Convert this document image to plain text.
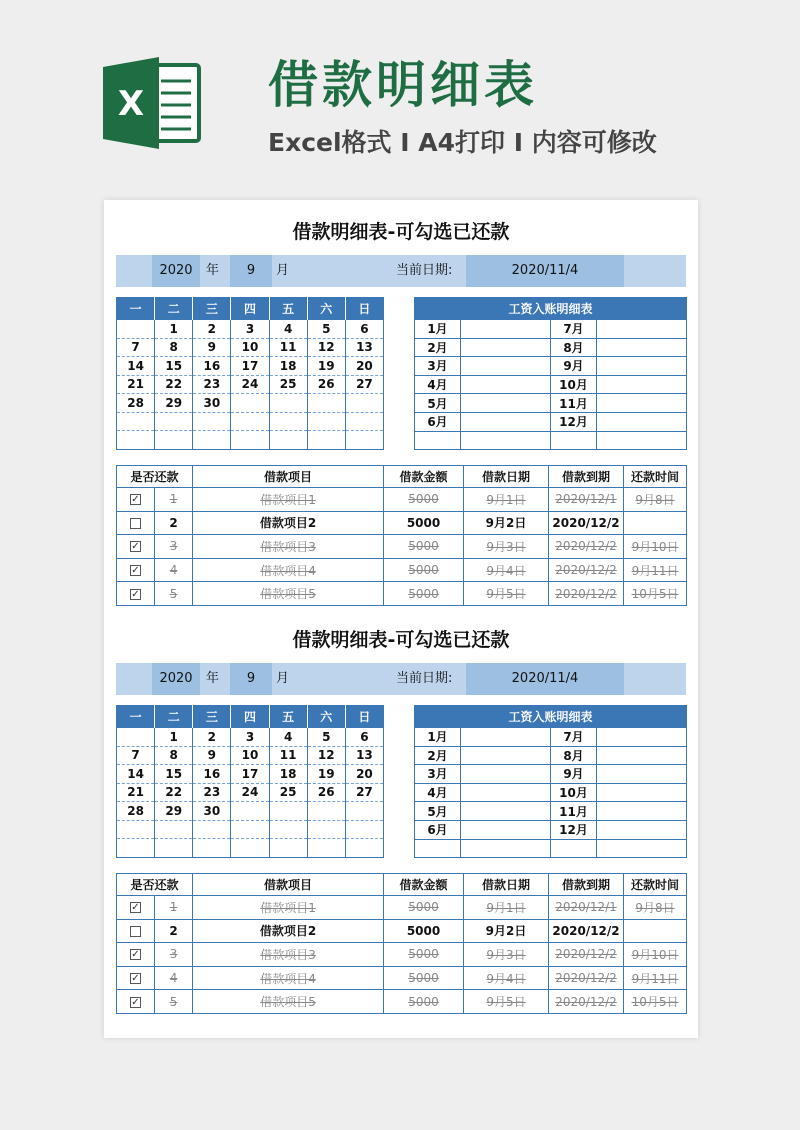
X 借款明细表
Excel格式 I A4打印 I 内容可修改
借款明细表-可勾选已还款
2020	年	9	月	当前日期:	2020/11/4
一	二	三	四	五	六	日
	1	2	3	4	5	6
7	8	9	10	11	12	13
14	15	16	17	18	19	20
21	22	23	24	25	26	27
28	29	30				

工资入账明细表			
1月		7月	
2月		8月	
3月		9月	
4月		10月	
5月		11月	
6月		12月	

是否还款		借款项目	借款金额	借款日期	借款到期	还款时间
✓	1	借款项目1	5000	9月1日	2020/12/1	9月8日
	2	借款项目2	5000	9月2日	2020/12/2	
✓	3	借款项目3	5000	9月3日	2020/12/2	9月10日
✓	4	借款项目4	5000	9月4日	2020/12/2	9月11日
✓	5	借款项目5	5000	9月5日	2020/12/2	10月5日
借款明细表-可勾选已还款
2020	年	9	月	当前日期:	2020/11/4
一	二	三	四	五	六	日
	1	2	3	4	5	6
7	8	9	10	11	12	13
14	15	16	17	18	19	20
21	22	23	24	25	26	27
28	29	30				

工资入账明细表			
1月		7月	
2月		8月	
3月		9月	
4月		10月	
5月		11月	
6月		12月	

是否还款		借款项目	借款金额	借款日期	借款到期	还款时间
✓	1	借款项目1	5000	9月1日	2020/12/1	9月8日
	2	借款项目2	5000	9月2日	2020/12/2	
✓	3	借款项目3	5000	9月3日	2020/12/2	9月10日
✓	4	借款项目4	5000	9月4日	2020/12/2	9月11日
✓	5	借款项目5	5000	9月5日	2020/12/2	10月5日
